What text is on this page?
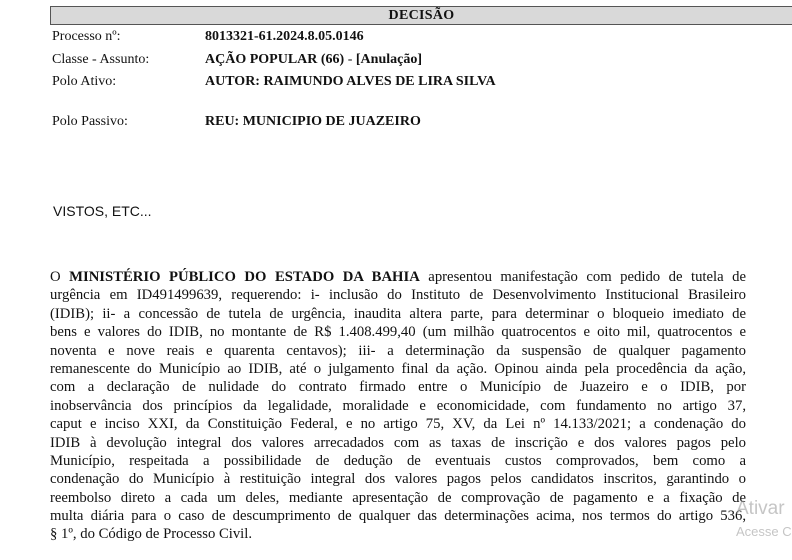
DECISÃO
Processo nº:	8013321-61.2024.8.05.0146
Classe - Assunto:	AÇÃO POPULAR (66) - [Anulação]
Polo Ativo:	AUTOR: RAIMUNDO ALVES DE LIRA SILVA
Polo Passivo:	REU: MUNICIPIO DE JUAZEIRO
VISTOS, ETC...
O MINISTÉRIO PÚBLICO DO ESTADO DA BAHIA apresentou manifestação com pedido de tutela de
urgência em ID491499639, requerendo: i- inclusão do Instituto de Desenvolvimento Institucional Brasileiro
(IDIB); ii- a concessão de tutela de urgência, inaudita altera parte, para determinar o bloqueio imediato de
bens e valores do IDIB, no montante de R$ 1.408.499,40 (um milhão quatrocentos e oito mil, quatrocentos e
noventa e nove reais e quarenta centavos); iii- a determinação da suspensão de qualquer pagamento
remanescente do Município ao IDIB, até o julgamento final da ação. Opinou ainda pela procedência da ação,
com a declaração de nulidade do contrato firmado entre o Município de Juazeiro e o IDIB, por
inobservância dos princípios da legalidade, moralidade e economicidade, com fundamento no artigo 37,
caput e inciso XXI, da Constituição Federal, e no artigo 75, XV, da Lei nº 14.133/2021; a condenação do
IDIB à devolução integral dos valores arrecadados com as taxas de inscrição e dos valores pagos pelo
Município, respeitada a possibilidade de dedução de eventuais custos comprovados, bem como a
condenação do Município à restituição integral dos valores pagos pelos candidatos inscritos, garantindo o
reembolso direto a cada um deles, mediante apresentação de comprovação de pagamento e a fixação de
multa diária para o caso de descumprimento de qualquer das determinações acima, nos termos do artigo 536,
§ 1º, do Código de Processo Civil.
Ativar
Acesse C
